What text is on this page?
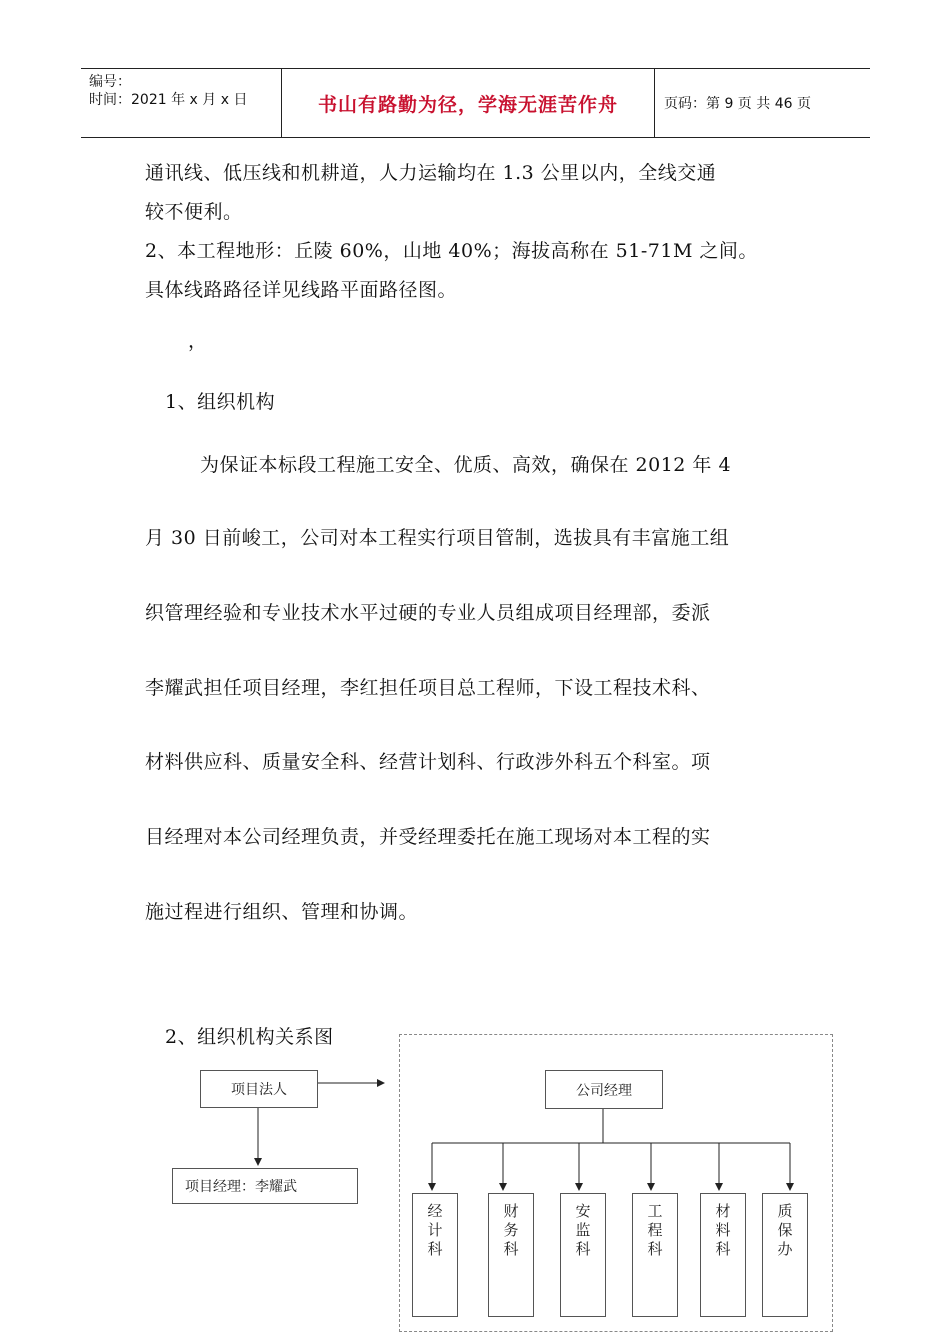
编号：
时间：2021 年 x 月 x 日	书山有路勤为径，学海无涯苦作舟	页码：第 9 页 共 46 页
通讯线、低压线和机耕道，人力运输均在 1.3 公里以内，全线交通
较不便利。
2、本工程地形：丘陵 60%，山地 40%；海拔高称在 51-71M 之间。
具体线路路径详见线路平面路径图。
，
1、组织机构
为保证本标段工程施工安全、优质、高效，确保在 2012 年 4
月 30 日前峻工，公司对本工程实行项目管制，选拔具有丰富施工组
织管理经验和专业技术水平过硬的专业人员组成项目经理部，委派
李耀武担任项目经理，李红担任项目总工程师，下设工程技术科、
材料供应科、质量安全科、经营计划科、行政涉外科五个科室。项
目经理对本公司经理负责，并受经理委托在施工现场对本工程的实
施过程进行组织、管理和协调。
2、组织机构关系图
项目法人
项目经理：李耀武
公司经理
经计科
财务科
安监科
工程科
材 料科
质保办
